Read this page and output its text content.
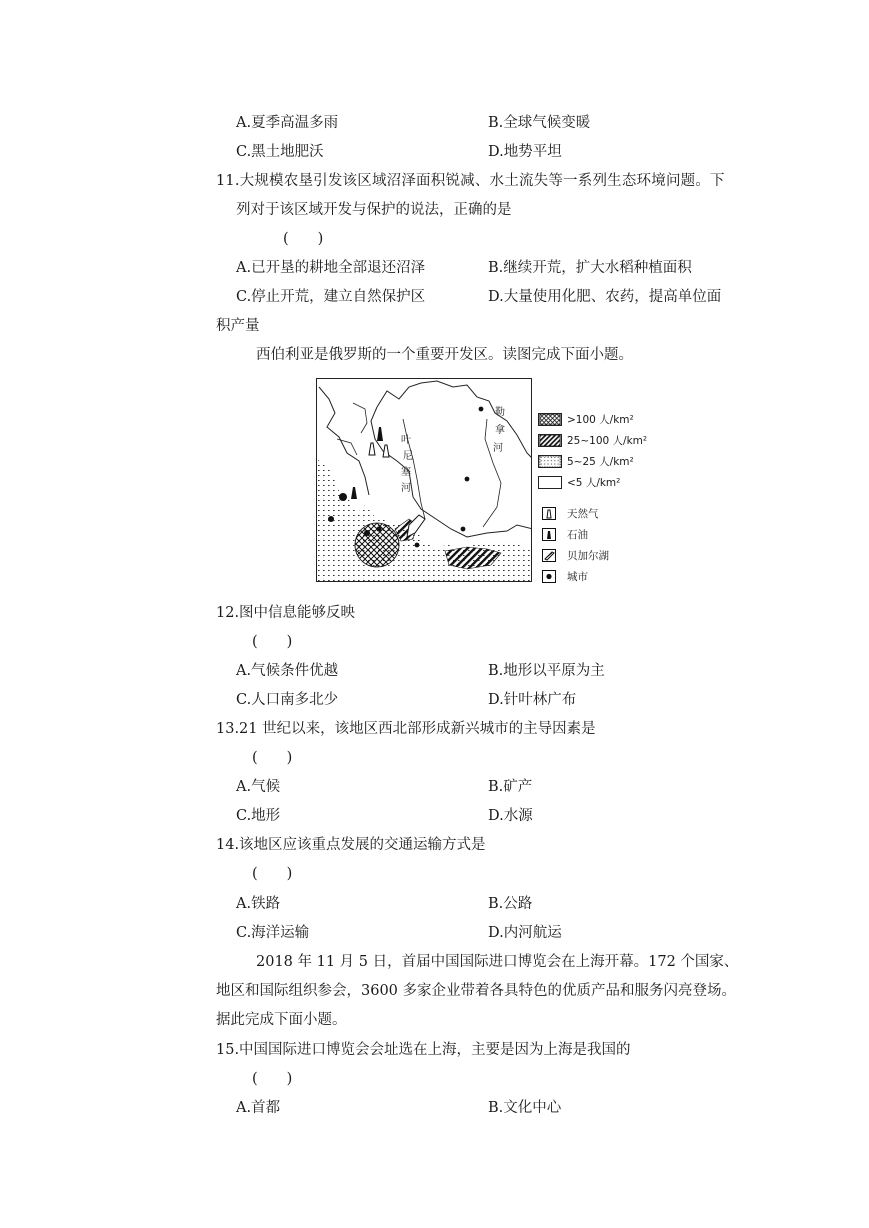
A.夏季高温多雨	B.全球气候变暖
C.黑土地肥沃	D.地势平坦
11.大规模农垦引发该区域沼泽面积锐减、水土流失等一系列生态环境问题。下
列对于该区域开发与保护的说法，正确的是
(　　)
A.已开垦的耕地全部退还沼泽	B.继续开荒，扩大水稻种植面积
C.停止开荒，建立自然保护区	D.大量使用化肥、农药，提高单位面
积产量
西伯利亚是俄罗斯的一个重要开发区。读图完成下面小题。
叶
尼
塞
河
勒
拿
河
>100 人/km²
25~100 人/km²
5~25 人/km²
<5 人/km²
天然气
石油
贝加尔湖
城市
12.图中信息能够反映
(　　)
A.气候条件优越	B.地形以平原为主
C.人口南多北少	D.针叶林广布
13.21 世纪以来，该地区西北部形成新兴城市的主导因素是
(　　)
A.气候	B.矿产
C.地形	D.水源
14.该地区应该重点发展的交通运输方式是
(　　)
A.铁路	B.公路
C.海洋运输	D.内河航运
2018 年 11 月 5 日，首届中国国际进口博览会在上海开幕。172 个国家、
地区和国际组织参会，3600 多家企业带着各具特色的优质产品和服务闪亮登场。
据此完成下面小题。
15.中国国际进口博览会会址选在上海，主要是因为上海是我国的
(　　)
A.首都	B.文化中心
